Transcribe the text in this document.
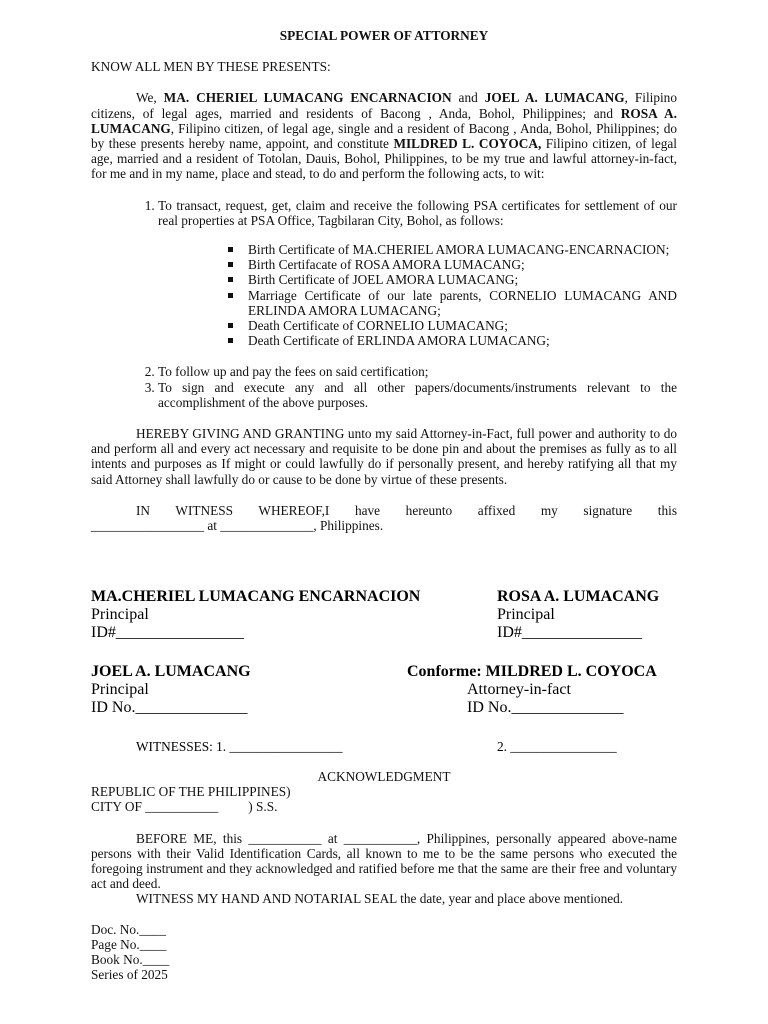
SPECIAL POWER OF ATTORNEY

KNOW ALL MEN BY THESE PRESENTS:

We, MA. CHERIEL LUMACANG ENCARNACION and JOEL A. LUMACANG, Filipino citizens, of legal ages, married and residents of Bacong , Anda, Bohol, Philippines; and ROSA A. LUMACANG, Filipino citizen, of legal age, single and a resident of Bacong , Anda, Bohol, Philippines; do by these presents hereby name, appoint, and constitute MILDRED L. COYOCA, Filipino citizen, of legal age, married and a resident of Totolan, Dauis, Bohol, Philippines, to be my true and lawful attorney-in-fact, for me and in my name, place and stead, to do and perform the following acts, to wit:

1. To transact, request, get, claim and receive the following PSA certificates for settlement of our real properties at PSA Office, Tagbilaran City, Bohol, as follows:
Birth Certificate of MA.CHERIEL AMORA LUMACANG-ENCARNACION;
Birth Certifacate of ROSA AMORA LUMACANG;
Birth Certificate of JOEL AMORA LUMACANG;
Marriage Certificate of our late parents, CORNELIO LUMACANG AND ERLINDA AMORA LUMACANG;
Death Certificate of CORNELIO LUMACANG;
Death Certificate of ERLINDA AMORA LUMACANG;
2. To follow up and pay the fees on said certification;
3. To sign and execute any and all other papers/documents/instruments relevant to the accomplishment of the above purposes.

HEREBY GIVING AND GRANTING unto my said Attorney-in-Fact, full power and authority to do and perform all and every act necessary and requisite to be done pin and about the premises as fully as to all intents and purposes as If might or could lawfully do if personally present, and hereby ratifying all that my said Attorney shall lawfully do or cause to be done by virtue of these presents.

IN WITNESS WHEREOF,I have hereunto affixed my signature this

_________________ at ______________, Philippines.

MA.CHERIEL LUMACANG ENCARNACION
Principal
ID#________________
ROSA A. LUMACANG
Principal
ID#_______________
JOEL A. LUMACANG
Principal
ID No.______________
Conforme: MILDRED L. COYOCA
Attorney-in-fact
ID No.______________
WITNESSES: 1. _________________	2. ________________
ACKNOWLEDGMENT
REPUBLIC OF THE PHILIPPINES)
CITY OF ___________         ) S.S.

BEFORE ME, this ___________ at ___________, Philippines, personally appeared above-name persons with their Valid Identification Cards, all known to me to be the same persons who executed the foregoing instrument and they acknowledged and ratified before me that the same are their free and voluntary act and deed.

WITNESS MY HAND AND NOTARIAL SEAL the date, year and place above mentioned.

Doc. No.____
Page No.____
Book No.____
Series of 2025
